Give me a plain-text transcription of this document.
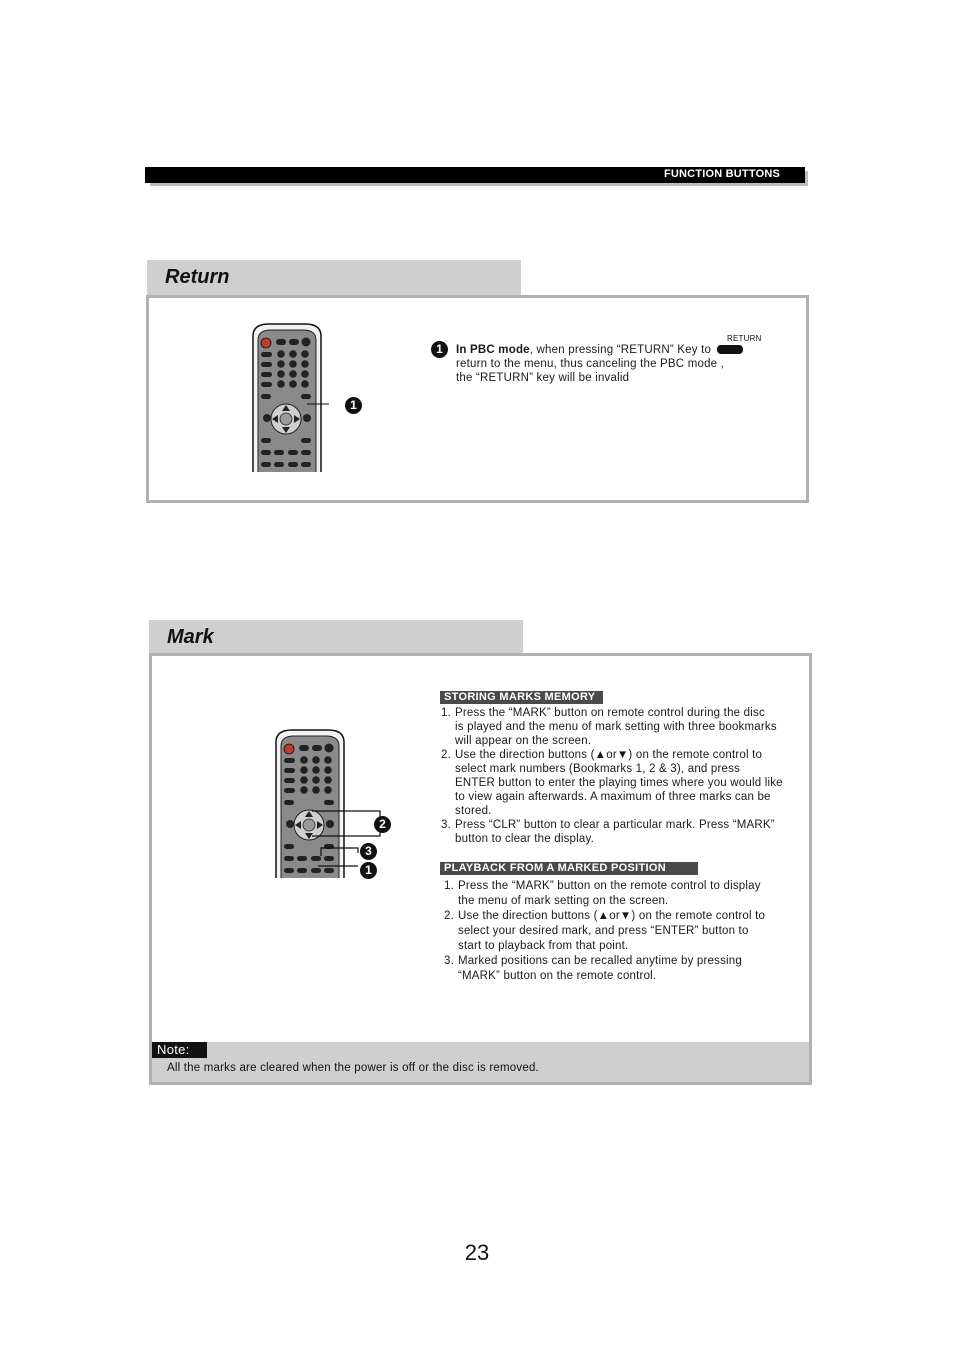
FUNCTION BUTTONS
Return
1
1
RETURN
In PBC mode, when pressing “RETURN” Key to
return to the menu, thus canceling the PBC mode ,
the “RETURN” key will be invalid
Mark
2
3
1
STORING MARKS MEMORY
1. Press the “MARK” button on remote control during the disc
is played and the menu of mark setting with three bookmarks
will appear on the screen.
2. Use the direction buttons (▲or▼) on the remote control to
select mark numbers (Bookmarks 1, 2 & 3), and press
ENTER button to enter the playing times where you would like
to view again afterwards. A maximum of three marks can be
stored.
3. Press “CLR” button to clear a particular mark. Press “MARK”
button to clear the display.
PLAYBACK FROM A MARKED POSITION
1. Press the “MARK” button on the remote control to display
the menu of mark setting on the screen.
2. Use the direction buttons (▲or▼) on the remote control to
select your desired mark, and press “ENTER” button to
start to playback from that point.
3. Marked positions can be recalled anytime by pressing
“MARK” button on the remote control.
Note:
All the marks are cleared when the power is off or the disc is removed.
23
